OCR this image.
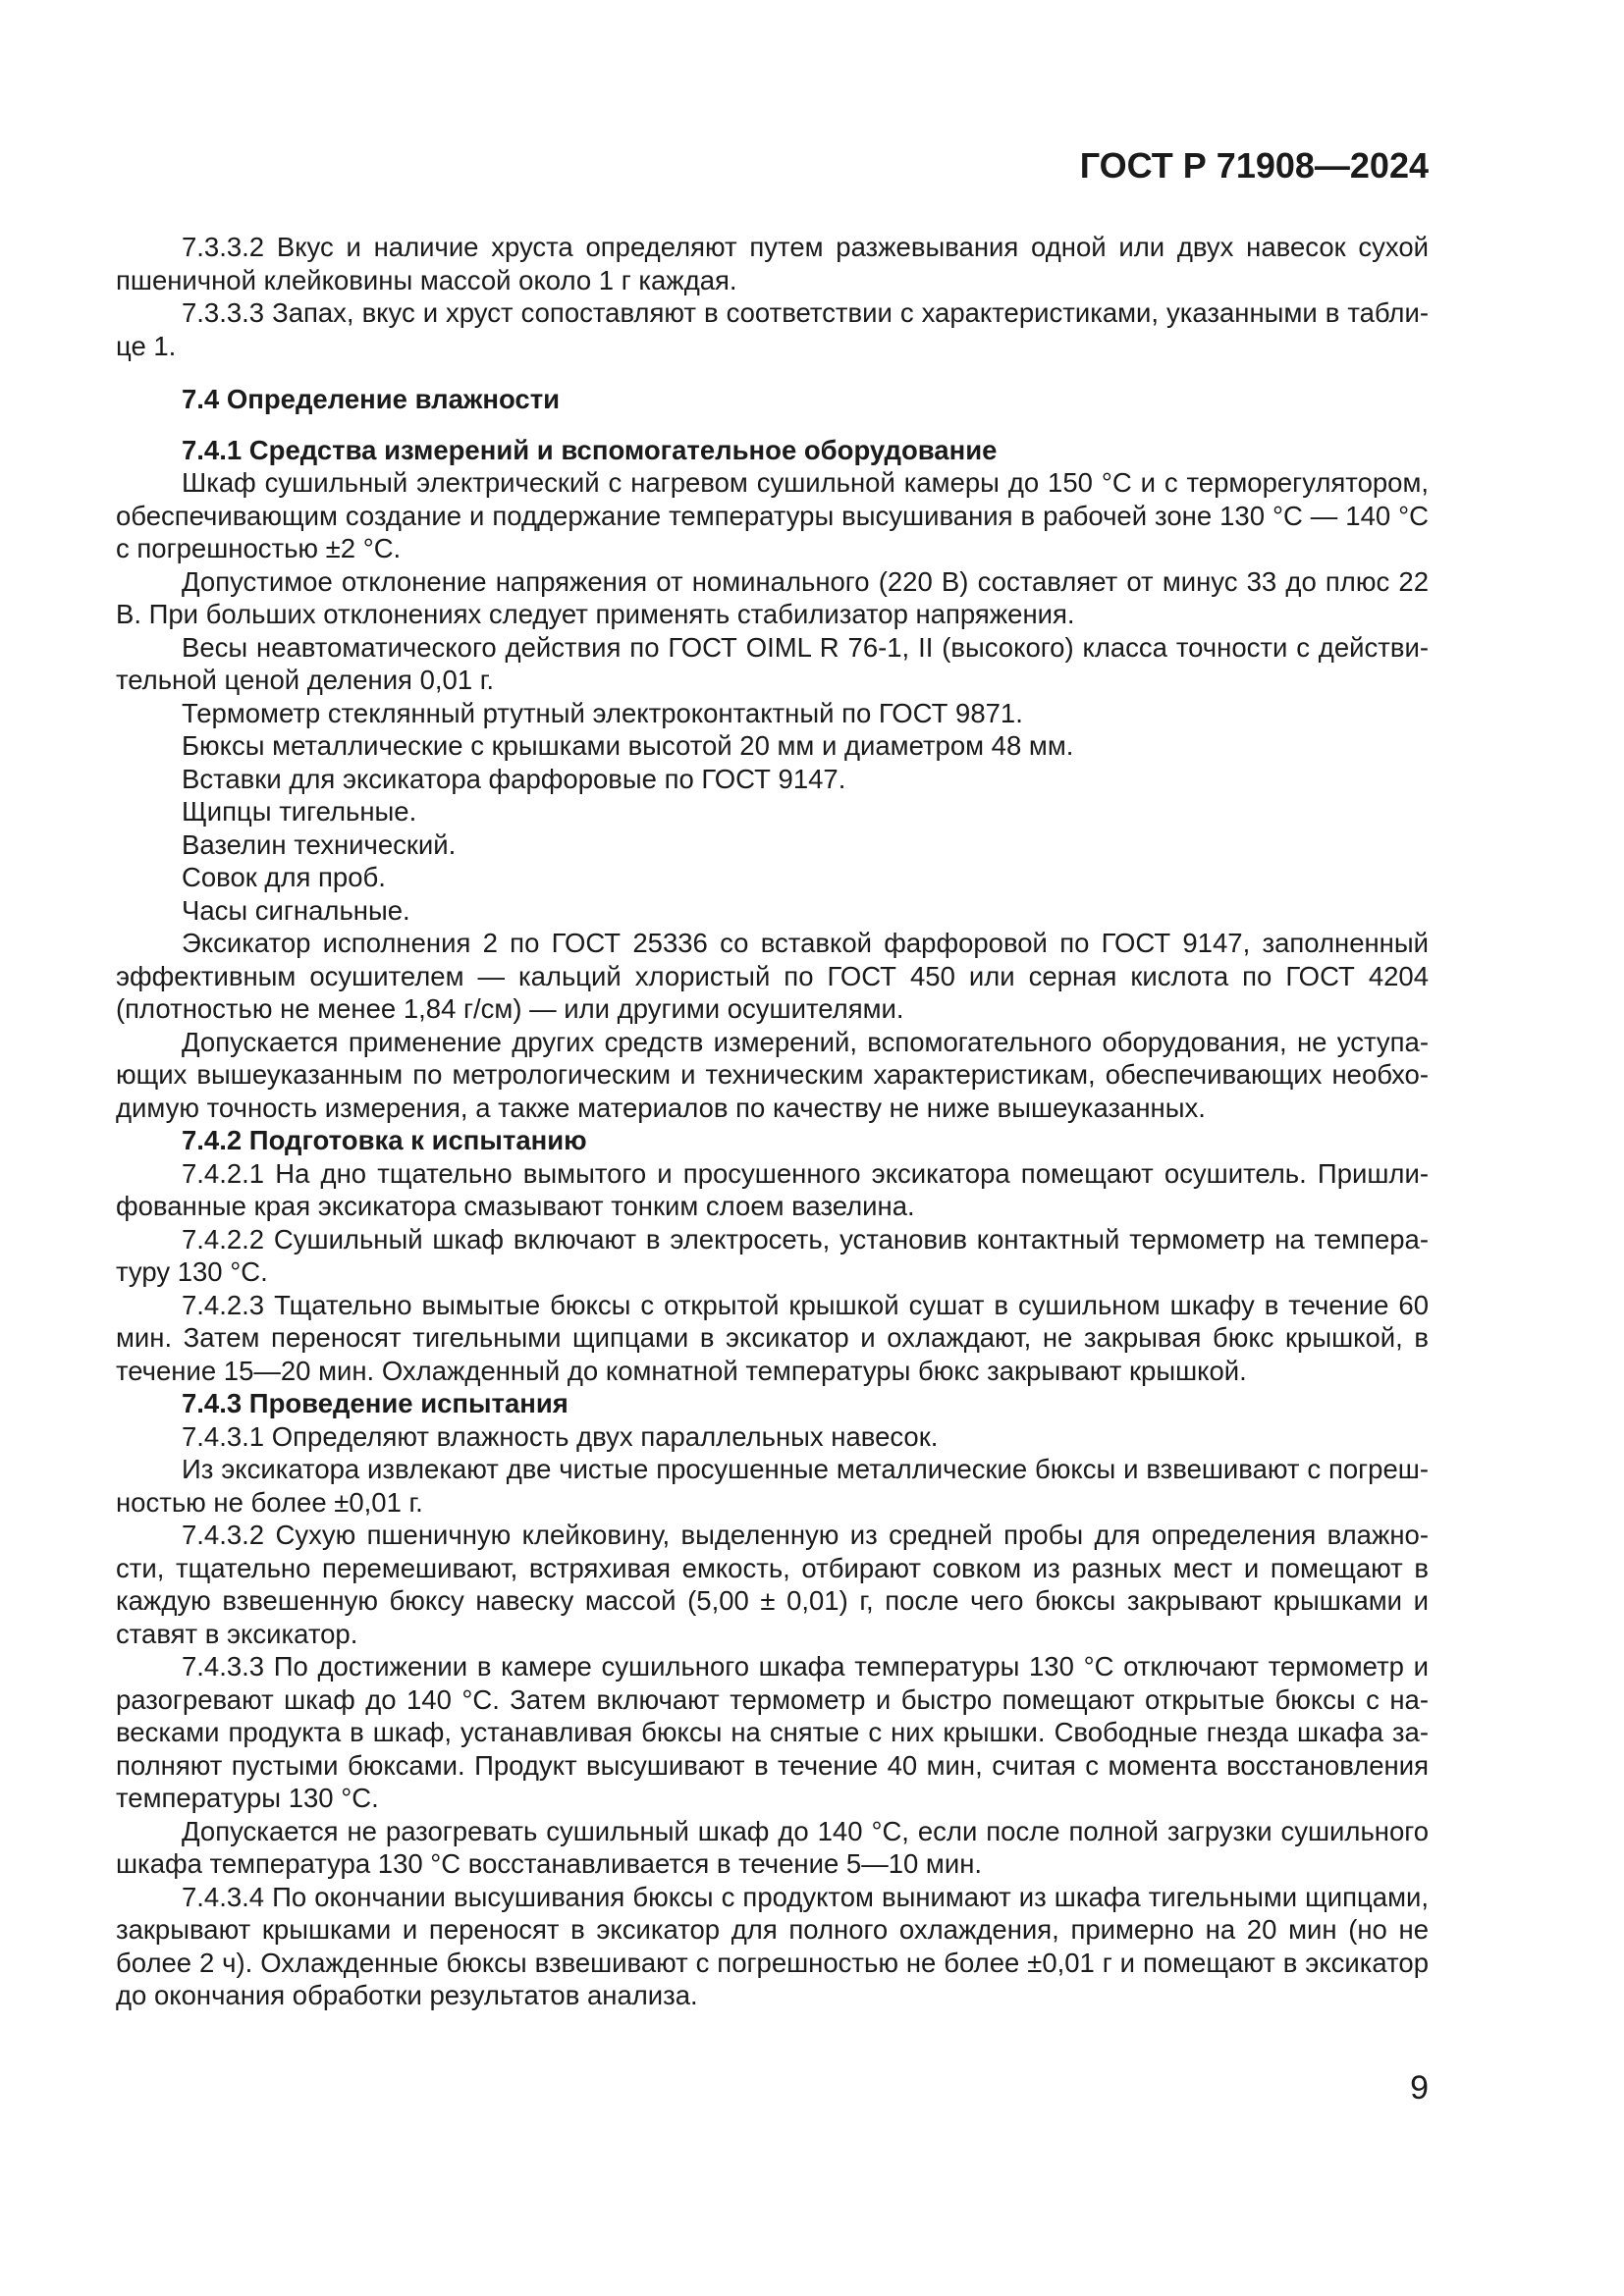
ГОСТ Р 71908—2024
7.3.3.2 Вкус и наличие хруста определяют путем разжевывания одной или двух навесок сухой пшеничной клейковины массой около 1 г каждая.
7.3.3.3 Запах, вкус и хруст сопоставляют в соответствии с характеристиками, указанными в таблице 1.
7.4 Определение влажности
7.4.1 Средства измерений и вспомогательное оборудование
Шкаф сушильный электрический с нагревом сушильной камеры до 150 °С и с терморегулятором, обеспечивающим создание и поддержание температуры высушивания в рабочей зоне 130 °С — 140 °С с погрешностью ±2 °С.
Допустимое отклонение напряжения от номинального (220 В) составляет от минус 33 до плюс 22 В. При больших отклонениях следует применять стабилизатор напряжения.
Весы неавтоматического действия по ГОСТ OIML R 76-1, II (высокого) класса точности с действительной ценой деления 0,01 г.
Термометр стеклянный ртутный электроконтактный по ГОСТ 9871.
Бюксы металлические с крышками высотой 20 мм и диаметром 48 мм.
Вставки для эксикатора фарфоровые по ГОСТ 9147.
Щипцы тигельные.
Вазелин технический.
Совок для проб.
Часы сигнальные.
Эксикатор исполнения 2 по ГОСТ 25336 со вставкой фарфоровой по ГОСТ 9147, заполненный эффективным осушителем — кальций хлористый по ГОСТ 450 или серная кислота по ГОСТ 4204 (плотностью не менее 1,84 г/см) — или другими осушителями.
Допускается применение других средств измерений, вспомогательного оборудования, не уступающих вышеуказанным по метрологическим и техническим характеристикам, обеспечивающих необходимую точность измерения, а также материалов по качеству не ниже вышеуказанных.
7.4.2 Подготовка к испытанию
7.4.2.1 На дно тщательно вымытого и просушенного эксикатора помещают осушитель. Пришлифованные края эксикатора смазывают тонким слоем вазелина.
7.4.2.2 Сушильный шкаф включают в электросеть, установив контактный термометр на температуру 130 °С.
7.4.2.3 Тщательно вымытые бюксы с открытой крышкой сушат в сушильном шкафу в течение 60 мин. Затем переносят тигельными щипцами в эксикатор и охлаждают, не закрывая бюкс крышкой, в течение 15—20 мин. Охлажденный до комнатной температуры бюкс закрывают крышкой.
7.4.3 Проведение испытания
7.4.3.1 Определяют влажность двух параллельных навесок.
Из эксикатора извлекают две чистые просушенные металлические бюксы и взвешивают с погрешностью не более ±0,01 г.
7.4.3.2 Сухую пшеничную клейковину, выделенную из средней пробы для определения влажности, тщательно перемешивают, встряхивая емкость, отбирают совком из разных мест и помещают в каждую взвешенную бюксу навеску массой (5,00 ± 0,01) г, после чего бюксы закрывают крышками и ставят в эксикатор.
7.4.3.3 По достижении в камере сушильного шкафа температуры 130 °С отключают термометр и разогревают шкаф до 140 °С. Затем включают термометр и быстро помещают открытые бюксы с навесками продукта в шкаф, устанавливая бюксы на снятые с них крышки. Свободные гнезда шкафа заполняют пустыми бюксами. Продукт высушивают в течение 40 мин, считая с момента восстановления температуры 130 °С.
Допускается не разогревать сушильный шкаф до 140 °С, если после полной загрузки сушильного шкафа температура 130 °С восстанавливается в течение 5—10 мин.
7.4.3.4 По окончании высушивания бюксы с продуктом вынимают из шкафа тигельными щипцами, закрывают крышками и переносят в эксикатор для полного охлаждения, примерно на 20 мин (но не более 2 ч). Охлажденные бюксы взвешивают с погрешностью не более ±0,01 г и помещают в эксикатор до окончания обработки результатов анализа.
9
